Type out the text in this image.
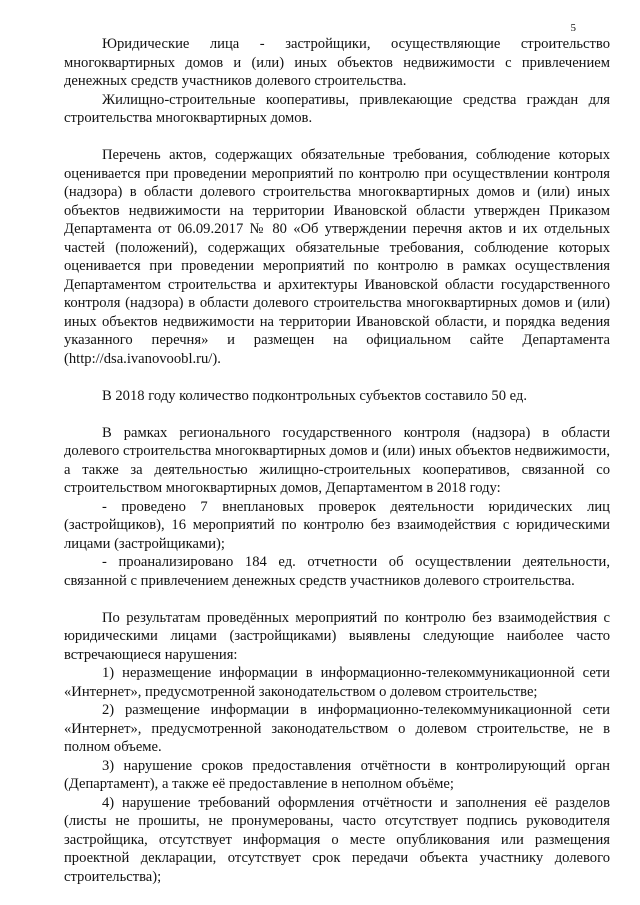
5

Юридические лица - застройщики, осуществляющие строительство многоквартирных домов и (или) иных объектов недвижимости с привлечением денежных средств участников долевого строительства.

Жилищно-строительные кооперативы, привлекающие средства граждан для строительства многоквартирных домов.

Перечень актов, содержащих обязательные требования, соблюдение которых оценивается при проведении мероприятий по контролю при осуществлении контроля (надзора) в области долевого строительства многоквартирных домов и (или) иных объектов недвижимости на территории Ивановской области утвержден Приказом Департамента от 06.09.2017 № 80 «Об утверждении перечня актов и их отдельных частей (положений), содержащих обязательные требования, соблюдение которых оценивается при проведении мероприятий по контролю в рамках осуществления Департаментом строительства и архитектуры Ивановской области государственного контроля (надзора) в области долевого строительства многоквартирных домов и (или) иных объектов недвижимости на территории Ивановской области, и порядка ведения указанного перечня» и размещен на официальном сайте Департамента (http://dsa.ivanovoobl.ru/).

В 2018 году количество подконтрольных субъектов составило 50 ед.

В рамках регионального государственного контроля (надзора) в области долевого строительства многоквартирных домов и (или) иных объектов недвижимости, а также за деятельностью жилищно-строительных кооперативов, связанной со строительством многоквартирных домов, Департаментом в 2018 году:

- проведено 7 внеплановых проверок деятельности юридических лиц (застройщиков), 16 мероприятий по контролю без взаимодействия с юридическими лицами (застройщиками);

- проанализировано 184 ед. отчетности об осуществлении деятельности, связанной с привлечением денежных средств участников долевого строительства.

По результатам проведённых мероприятий по контролю без взаимодействия с юридическими лицами (застройщиками) выявлены следующие наиболее часто встречающиеся нарушения:

1) неразмещение информации в информационно-телекоммуникационной сети «Интернет», предусмотренной законодательством о долевом строительстве;

2) размещение информации в информационно-телекоммуникационной сети «Интернет», предусмотренной законодательством о долевом строительстве, не в полном объеме.

3) нарушение сроков предоставления отчётности в контролирующий орган (Департамент), а также её предоставление в неполном объёме;

4) нарушение требований оформления отчётности и заполнения её разделов (листы не прошиты, не пронумерованы, часто отсутствует подпись руководителя застройщика, отсутствует информация о месте опубликования или размещения проектной декларации, отсутствует срок передачи объекта участнику долевого строительства);
